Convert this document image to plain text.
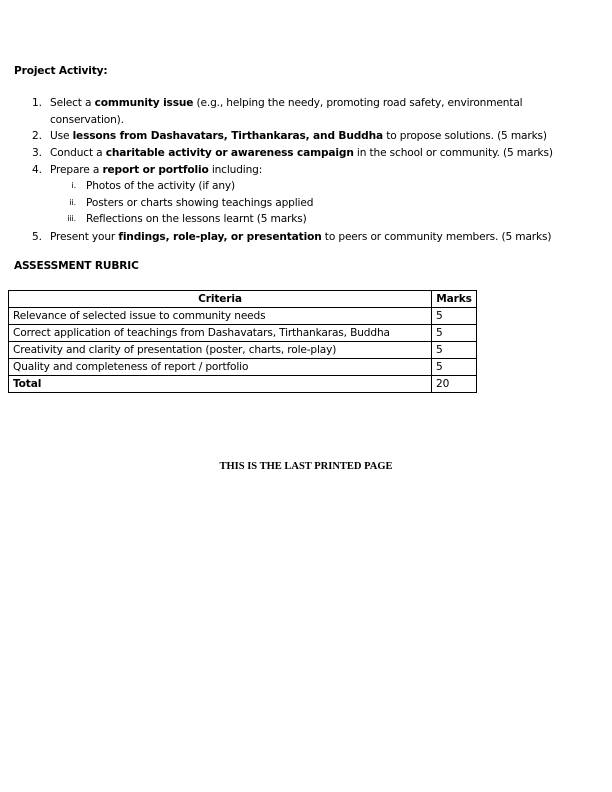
Project Activity:
1. Select a community issue (e.g., helping the needy, promoting road safety, environmental
conservation).
2. Use lessons from Dashavatars, Tirthankaras, and Buddha to propose solutions. (5 marks)
3. Conduct a charitable activity or awareness campaign in the school or community. (5 marks)
4. Prepare a report or portfolio including:
i. Photos of the activity (if any)
ii. Posters or charts showing teachings applied
iii. Reflections on the lessons learnt (5 marks)
5. Present your findings, role-play, or presentation to peers or community members. (5 marks)
ASSESSMENT RUBRIC
Criteria	Marks
Relevance of selected issue to community needs	5
Correct application of teachings from Dashavatars, Tirthankaras, Buddha	5
Creativity and clarity of presentation (poster, charts, role-play)	5
Quality and completeness of report / portfolio	5
Total	20
THIS IS THE LAST PRINTED PAGE
